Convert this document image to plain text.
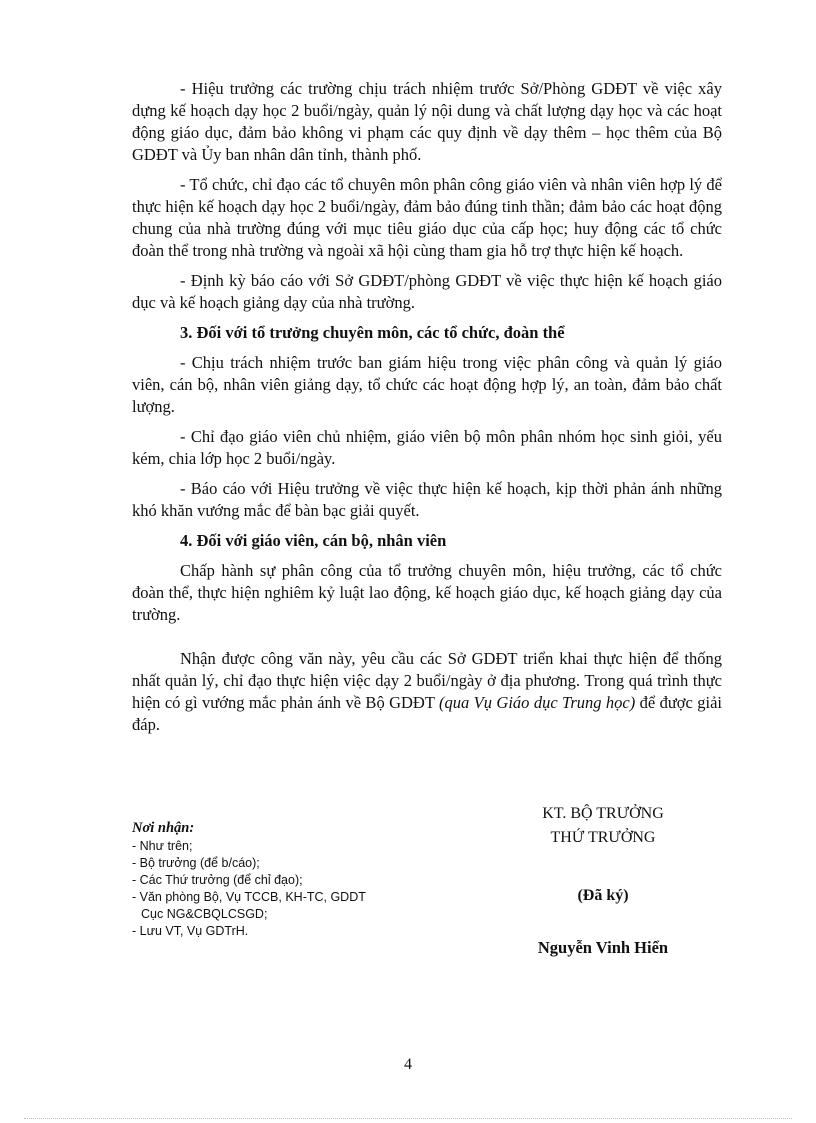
- Hiệu trưởng các trường chịu trách nhiệm trước Sở/Phòng GDĐT về việc xây dựng kế hoạch dạy học 2 buổi/ngày, quản lý nội dung và chất lượng dạy học và các hoạt động giáo dục, đảm bảo không vi phạm các quy định về dạy thêm – học thêm của Bộ GDĐT và Ủy ban nhân dân tỉnh, thành phố.

- Tổ chức, chỉ đạo các tổ chuyên môn phân công giáo viên và nhân viên hợp lý để thực hiện kế hoạch dạy học 2 buổi/ngày, đảm bảo đúng tinh thần; đảm bảo các hoạt động chung của nhà trường đúng với mục tiêu giáo dục của cấp học; huy động các tổ chức đoàn thể trong nhà trường và ngoài xã hội cùng tham gia hỗ trợ thực hiện kế hoạch.

- Định kỳ báo cáo với Sở GDĐT/phòng GDĐT về việc thực hiện kế hoạch giáo dục và kế hoạch giảng dạy của nhà trường.

3. Đối với tổ trưởng chuyên môn, các tổ chức, đoàn thể

- Chịu trách nhiệm trước ban giám hiệu trong việc phân công và quản lý giáo viên, cán bộ, nhân viên giảng dạy, tổ chức các hoạt động hợp lý, an toàn, đảm bảo chất lượng.

- Chỉ đạo giáo viên chủ nhiệm, giáo viên bộ môn phân nhóm học sinh giỏi, yếu kém, chia lớp học 2 buổi/ngày.

- Báo cáo với Hiệu trưởng về việc thực hiện kế hoạch, kịp thời phản ánh những khó khăn vướng mắc để bàn bạc giải quyết.

4. Đối với giáo viên, cán bộ, nhân viên

Chấp hành sự phân công của tổ trưởng chuyên môn, hiệu trưởng, các tổ chức đoàn thể, thực hiện nghiêm kỷ luật lao động, kế hoạch giáo dục, kế hoạch giảng dạy của trường.

Nhận được công văn này, yêu cầu các Sở GDĐT triển khai thực hiện để thống nhất quản lý, chỉ đạo thực hiện việc dạy 2 buổi/ngày ở địa phương. Trong quá trình thực hiện có gì vướng mắc phản ánh về Bộ GDĐT (qua Vụ Giáo dục Trung học) để được giải đáp.

Nơi nhận:

- Như trên;

- Bộ trưởng (để b/cáo);

- Các Thứ trưởng (để chỉ đạo);

- Văn phòng Bộ, Vụ TCCB, KH-TC, GDDT

Cục NG&CBQLCSGD;

- Lưu VT, Vụ GDTrH.

KT. BỘ TRƯỞNG
THỨ TRƯỞNG
(Đã ký)
Nguyễn Vinh Hiển
4
